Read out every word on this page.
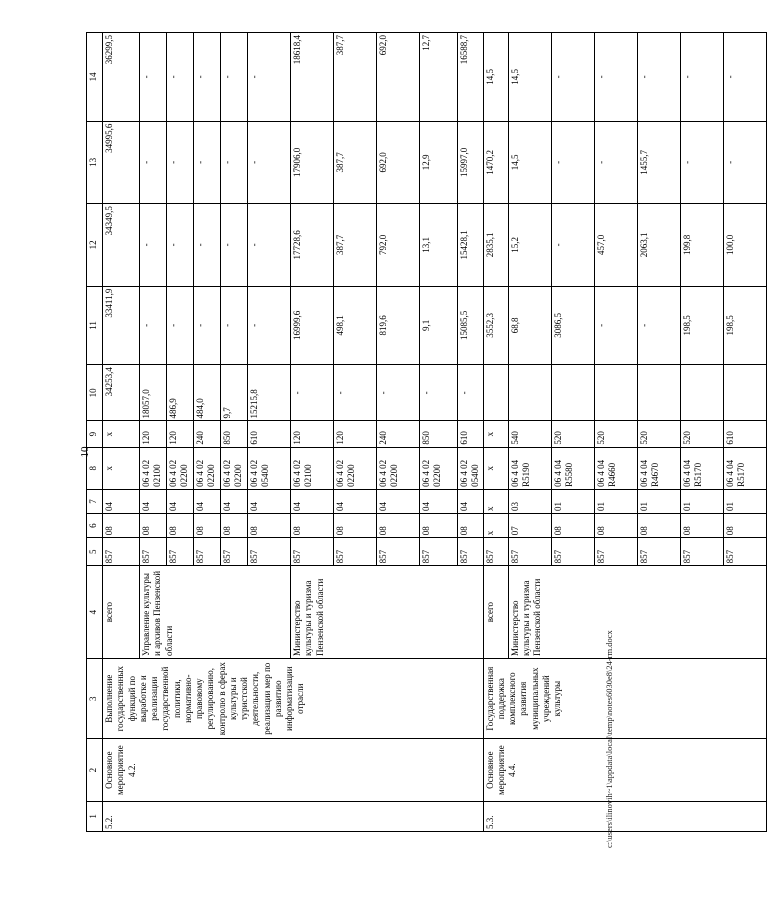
10
c:\users\ilinovih~1\appdata\local\temp\notes6030e8\24-rm.docx
1	2	3	4	5	6	7	8	9	10	11	12	13	14
5.2.	Основное мероприятие 4.2.	Выполнение государственных функций по выработке и реализации государственной политики, нормативно-правовому регулированию, контролю в сферах культуры и туристской деятельности, реализации мер по развитию информатизации отрасли	всего	857	08	04	x	x	34253,4	33411,9	34349,5	34995,6	36299,5
			Управление культуры и архивов Пензенской области	857	08	04	06 4 02 02100	120	18057,0	-	-	-	-
				857	08	04	06 4 02 02200	120	486,9	-	-	-	-
				857	08	04	06 4 02 02200	240	484,0	-	-	-	-
				857	08	04	06 4 02 02200	850	9,7	-	-	-	-
				857	08	04	06 4 02 05400	610	15215,8	-	-	-	-
			Министерство культуры и туризма Пензенской области	857	08	04	06 4 02 02100	120	-	16999,6	17728,6	17906,0	18618,4
				857	08	04	06 4 02 02200	120	-	498,1	387,7	387,7	387,7
				857	08	04	06 4 02 02200	240	-	819,6	792,0	692,0	692,0
				857	08	04	06 4 02 02200	850	-	9,1	13,1	12,9	12,7
				857	08	04	06 4 02 05400	610	-	15085,5	15428,1	15997,0	16588,7
5.3.	Основное мероприятие 4.4.	Государственная поддержка комплексного развития муниципальных учреждений культуры	всего	857	x	x	x	x		3552,3	2835,1	1470,2	14,5
			Министерство культуры и туризма Пензенской области	857	07	03	06 4 04 R5190	540		68,8	15,2	14,5	14,5
				857	08	01	06 4 04 R5580	520		3086,5	-	-	-
				857	08	01	06 4 04 R4660	520		-	457,0	-	-
				857	08	01	06 4 04 R4670	520		-	2063,1	1455,7	-
				857	08	01	06 4 04 R5170	520		198,5	199,8	-	-
				857	08	01	06 4 04 R5170	610		198,5	100,0	-	-
